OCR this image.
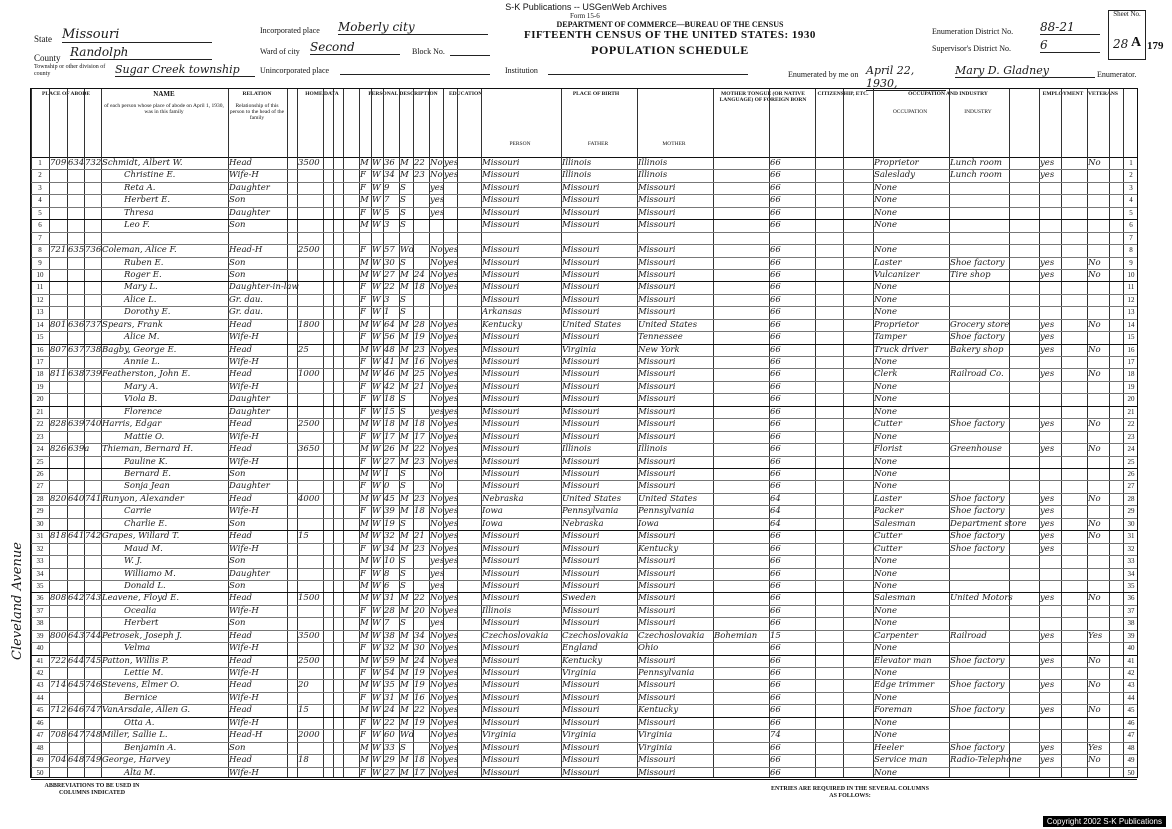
S-K Publications -- USGenWeb Archives
Form 15-6
DEPARTMENT OF COMMERCE—BUREAU OF THE CENSUS
FIFTEENTH CENSUS OF THE UNITED STATES: 1930
POPULATION SCHEDULE
State Missouri
County Randolph
Township or other division of county	Sugar Creek township
Incorporated place Moberly city
Ward of city Second	Block No.
Unincorporated place	Institution
Enumeration District No. 88-21
Supervisor's District No. 6
Sheet No.
28 A 179
Enumerated by me on April 22, 1930,
Mary D. Gladney	Enumerator.
Cleveland Avenue
PLACE OF ABODE	NAME
of each person whose place of abode on April 1, 1930, was in this family
RELATION
Relationship of this person to the head of the family
HOME DATA	PERSONAL DESCRIPTION	EDUCATION	PLACE OF BIRTH
PERSON	FATHER	MOTHER
MOTHER TONGUE (OR NATIVE LANGUAGE) OF FOREIGN BORN
CITIZENSHIP, ETC.	OCCUPATION AND INDUSTRY
OCCUPATION	INDUSTRY
EMPLOYMENT VETERANS
1 709 634 732 Schmidt, Albert W.	Head	3500	M W 36 M 22 No yes	Missouri	Illinois	Illinois	66	Proprietor	Lunch room	yes	No	1
2	Christine E.	Wife-H	F W 34 M 23 No yes	Missouri	Illinois	Illinois	66	Saleslady	Lunch room	yes	2
3	Reta A.	Daughter	F W 9	S	yes	Missouri	Missouri	Missouri	66	None	3
4	Herbert E.	Son	M W 7	S	yes	Missouri	Missouri	Missouri	66	None	4
5	Thresa	Daughter	F W 5	S	yes	Missouri	Missouri	Missouri	66	None	5
6	Leo F.	Son	M W 3	S	Missouri	Missouri	Missouri	66	None	6
7	7
8 721 635 736 Coleman, Alice F.	Head-H	2500	F W 57 Wd No yes	Missouri	Missouri	Missouri	66	None	8
9	Ruben E.	Son	M W 30 S	No yes	Missouri	Missouri	Missouri	66	Laster	Shoe factory	yes	No	9
10	Roger E.	Son	M W 27 M 24 No yes	Missouri	Missouri	Missouri	66	Vulcanizer	Tire shop	yes	No	10
11	Mary L.	Daughter-in-law	F W 22 M 18 No yes	Missouri	Missouri	Missouri	66	None	11
12	Alice L.	Gr. dau.	F W 3	S	Missouri	Missouri	Missouri	66	None	12
13	Dorothy E.	Gr. dau.	F W 1	S	Arkansas	Missouri	Missouri	66	None	13
14 801 636 737 Spears, Frank	Head	1800	M W 64 M 28 No yes	Kentucky	United States	United States	66	Proprietor	Grocery store	yes	No	14
15	Alice M.	Wife-H	F W 56 M 19 No yes	Missouri	Missouri	Tennessee	66	Tamper	Shoe factory	yes	15
16 807 637 738 Bagby, George E.	Head	25	M W 48 M 23 No yes	Missouri	Virginia	New York	66	Truck driver	Bakery shop	yes	No	16
17	Annie L.	Wife-H	F W 41 M 16 No yes	Missouri	Missouri	Missouri	66	None	17
18 811 638 739 Featherston, John E.	Head	1000	M W 46 M 25 No yes	Missouri	Missouri	Missouri	66	Clerk	Railroad Co.	yes	No	18
19	Mary A.	Wife-H	F W 42 M 21 No yes	Missouri	Missouri	Missouri	66	None	19
20	Viola B.	Daughter	F W 18 S	No yes	Missouri	Missouri	Missouri	66	None	20
21	Florence	Daughter	F W 15 S	yes yes	Missouri	Missouri	Missouri	66	None	21
22 828 639 740 Harris, Edgar	Head	2500	M W 18 M 18 No yes	Missouri	Missouri	Missouri	66	Cutter	Shoe factory	yes	No	22
23	Mattie O.	Wife-H	F W 17 M 17 No yes	Missouri	Missouri	Missouri	66	None	23
24 826 639a Thieman, Bernard H.	Head	3650	M W 26 M 22 No yes	Missouri	Illinois	Illinois	66	Florist	Greenhouse	yes	No	24
25	Pauline K.	Wife-H	F W 27 M 23 No yes	Missouri	Missouri	Missouri	66	None	25
26	Bernard E.	Son	M W 1	S	No	Missouri	Missouri	Missouri	66	None	26
27	Sonja Jean	Daughter	F W 0	S	No	Missouri	Missouri	Missouri	66	None	27
28 820 640 741 Runyon, Alexander	Head	4000	M W 45 M 23 No yes	Nebraska	United States	United States	64	Laster	Shoe factory	yes	No	28
29	Carrie	Wife-H	F W 39 M 18 No yes	Iowa	Pennsylvania	Pennsylvania	64	Packer	Shoe factory	yes	29
30	Charlie E.	Son	M W 19 S	No yes	Iowa	Nebraska	Iowa	64	Salesman	Department store yes	No	30
31 818 641 742 Grapes, Willard T.	Head	15	M W 32 M 21 No yes	Missouri	Missouri	Missouri	66	Cutter	Shoe factory	yes	No	31
32	Maud M.	Wife-H	F W 34 M 23 No yes	Missouri	Missouri	Kentucky	66	Cutter	Shoe factory	yes	32
33	W. J.	Son	M W 10 S	yes yes	Missouri	Missouri	Missouri	66	None	33
34	Williamo M.	Daughter	F W 8	S	yes	Missouri	Missouri	Missouri	66	None	34
35	Donald L.	Son	M W 6	S	yes	Missouri	Missouri	Missouri	66	None	35
36 808 642 743 Leavene, Floyd E.	Head	1500	M W 31 M 22 No yes	Missouri	Sweden	Missouri	66	Salesman	United Motors	yes	No	36
37	Ocealia	Wife-H	F W 28 M 20 No yes	Illinois	Missouri	Missouri	66	None	37
38	Herbert	Son	M W 7	S	yes	Missouri	Missouri	Missouri	66	None	38
39 800 643 744 Petrosek, Joseph J.	Head	3500	M W 38 M 34 No yes	Czechoslovakia	Czechoslovakia	Czechoslovakia	Bohemian	15	Carpenter	Railroad	yes	Yes	39
40	Velma	Wife-H	F W 32 M 30 No yes	Missouri	England	Ohio	66	None	40
41 722 644 745 Patton, Willis P.	Head	2500	M W 59 M 24 No yes	Missouri	Kentucky	Missouri	66	Elevator man	Shoe factory	yes	No	41
42	Lettie M.	Wife-H	F W 54 M 19 No yes	Missouri	Virginia	Pennsylvania	66	None	42
43 714 645 746 Stevens, Elmer O.	Head	20	M W 35 M 19 No yes	Missouri	Missouri	Missouri	66	Edge trimmer	Shoe factory	yes	No	43
44	Bernice	Wife-H	F W 31 M 16 No yes	Missouri	Missouri	Missouri	66	None	44
45 712 646 747 VanArsdale, Allen G.	Head	15	M W 24 M 22 No yes	Missouri	Missouri	Kentucky	66	Foreman	Shoe factory	yes	No	45
46	Otta A.	Wife-H	F W 22 M 19 No yes	Missouri	Missouri	Missouri	66	None	46
47 708 647 748 Miller, Sallie L.	Head-H	2000	F W 60 Wd No yes	Virginia	Virginia	Virginia	74	None	47
48	Benjamin A.	Son	M W 33 S	No yes	Missouri	Missouri	Virginia	66	Heeler	Shoe factory	yes	Yes	48
49 704 648 749 George, Harvey	Head	18	M W 29 M 18 No yes	Missouri	Missouri	Missouri	66	Service man	Radio-Telephone yes	No	49
50	Alta M.	Wife-H	F W 27 M 17 No yes	Missouri	Missouri	Missouri	66	None	50
ABBREVIATIONS TO BE USED IN COLUMNS INDICATED
ENTRIES ARE REQUIRED IN THE SEVERAL COLUMNS AS FOLLOWS:
Copyright 2002 S-K Publications
